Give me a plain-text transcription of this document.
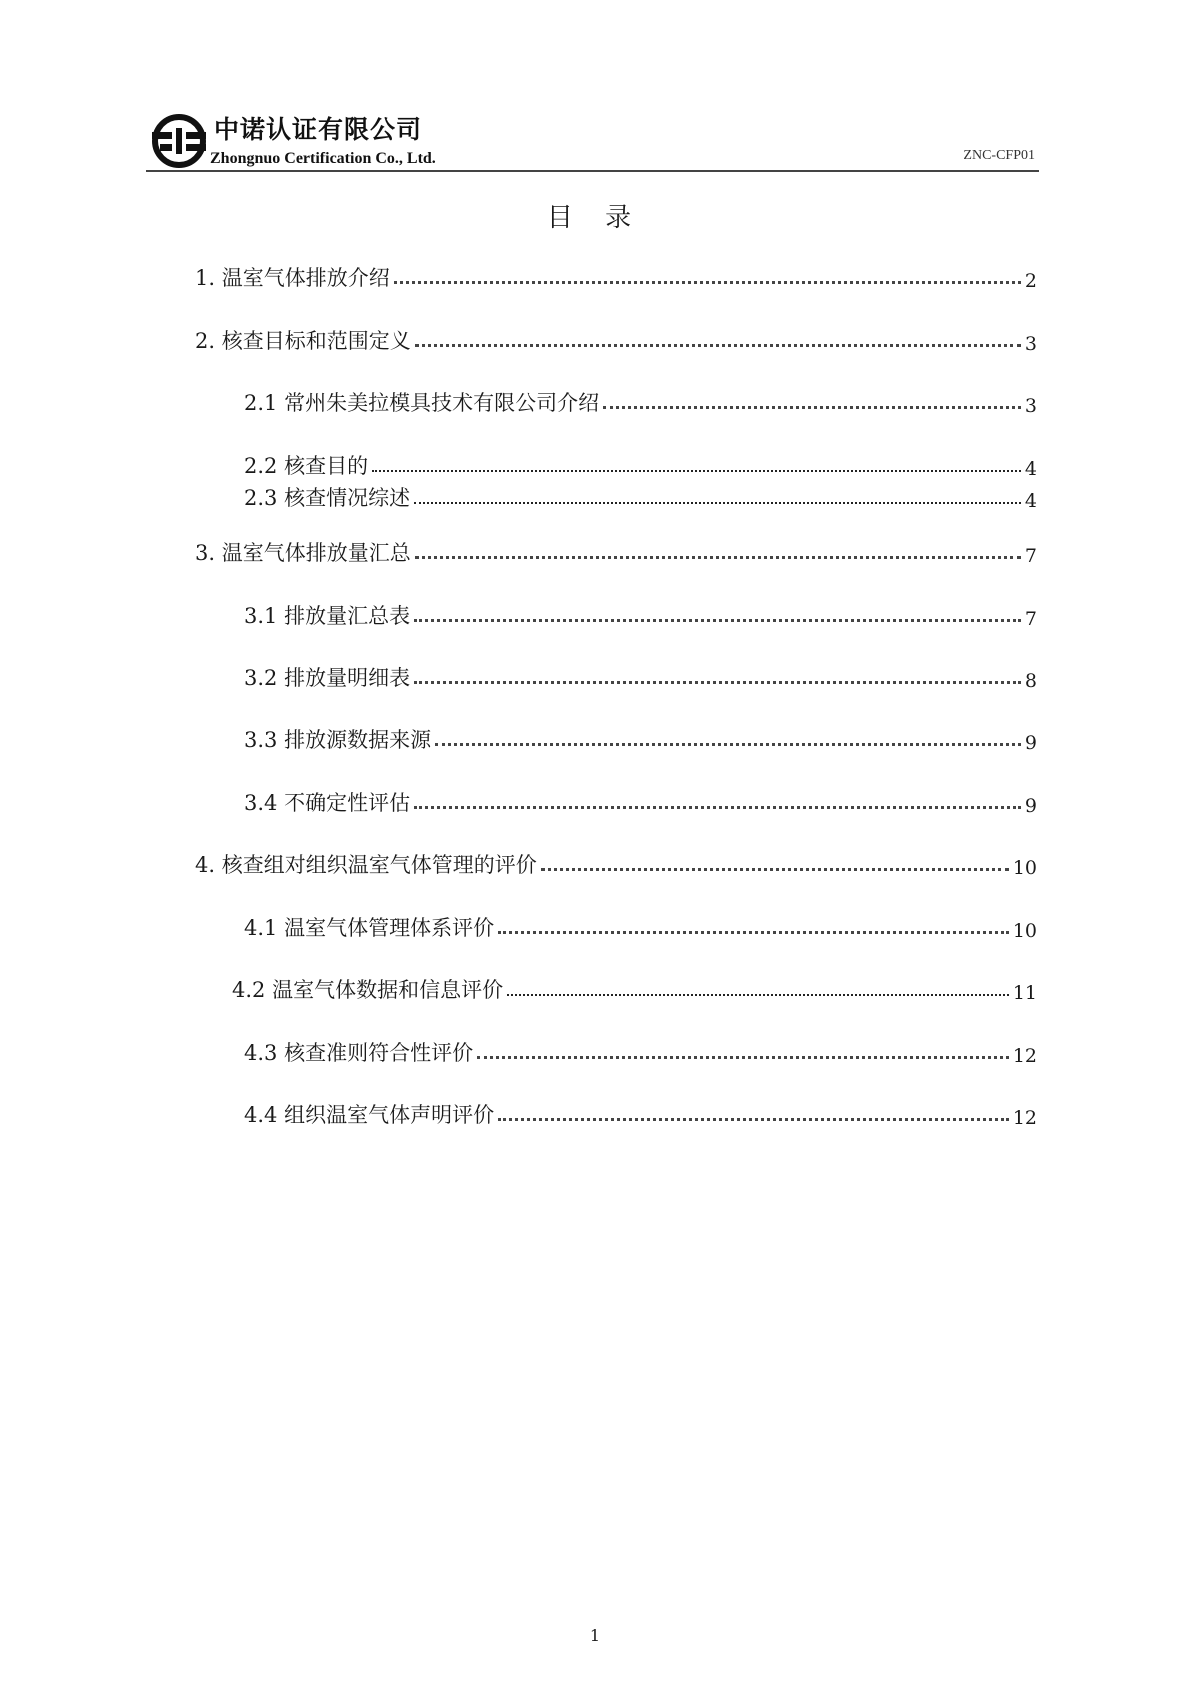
中诺认证有限公司
Zhongnuo Certification Co., Ltd.	ZNC-CFP01
目 录
1. 温室气体排放介绍	2
2. 核查目标和范围定义	3
2.1 常州朱美拉模具技术有限公司介绍	3
2.2 核查目的	4
2.3 核查情况综述	4
3. 温室气体排放量汇总	7
3.1 排放量汇总表	7
3.2 排放量明细表	8
3.3 排放源数据来源	9
3.4 不确定性评估	9
4. 核查组对组织温室气体管理的评价	10
4.1 温室气体管理体系评价	10
4.2 温室气体数据和信息评价	11
4.3 核查准则符合性评价	12
4.4 组织温室气体声明评价	12
1
